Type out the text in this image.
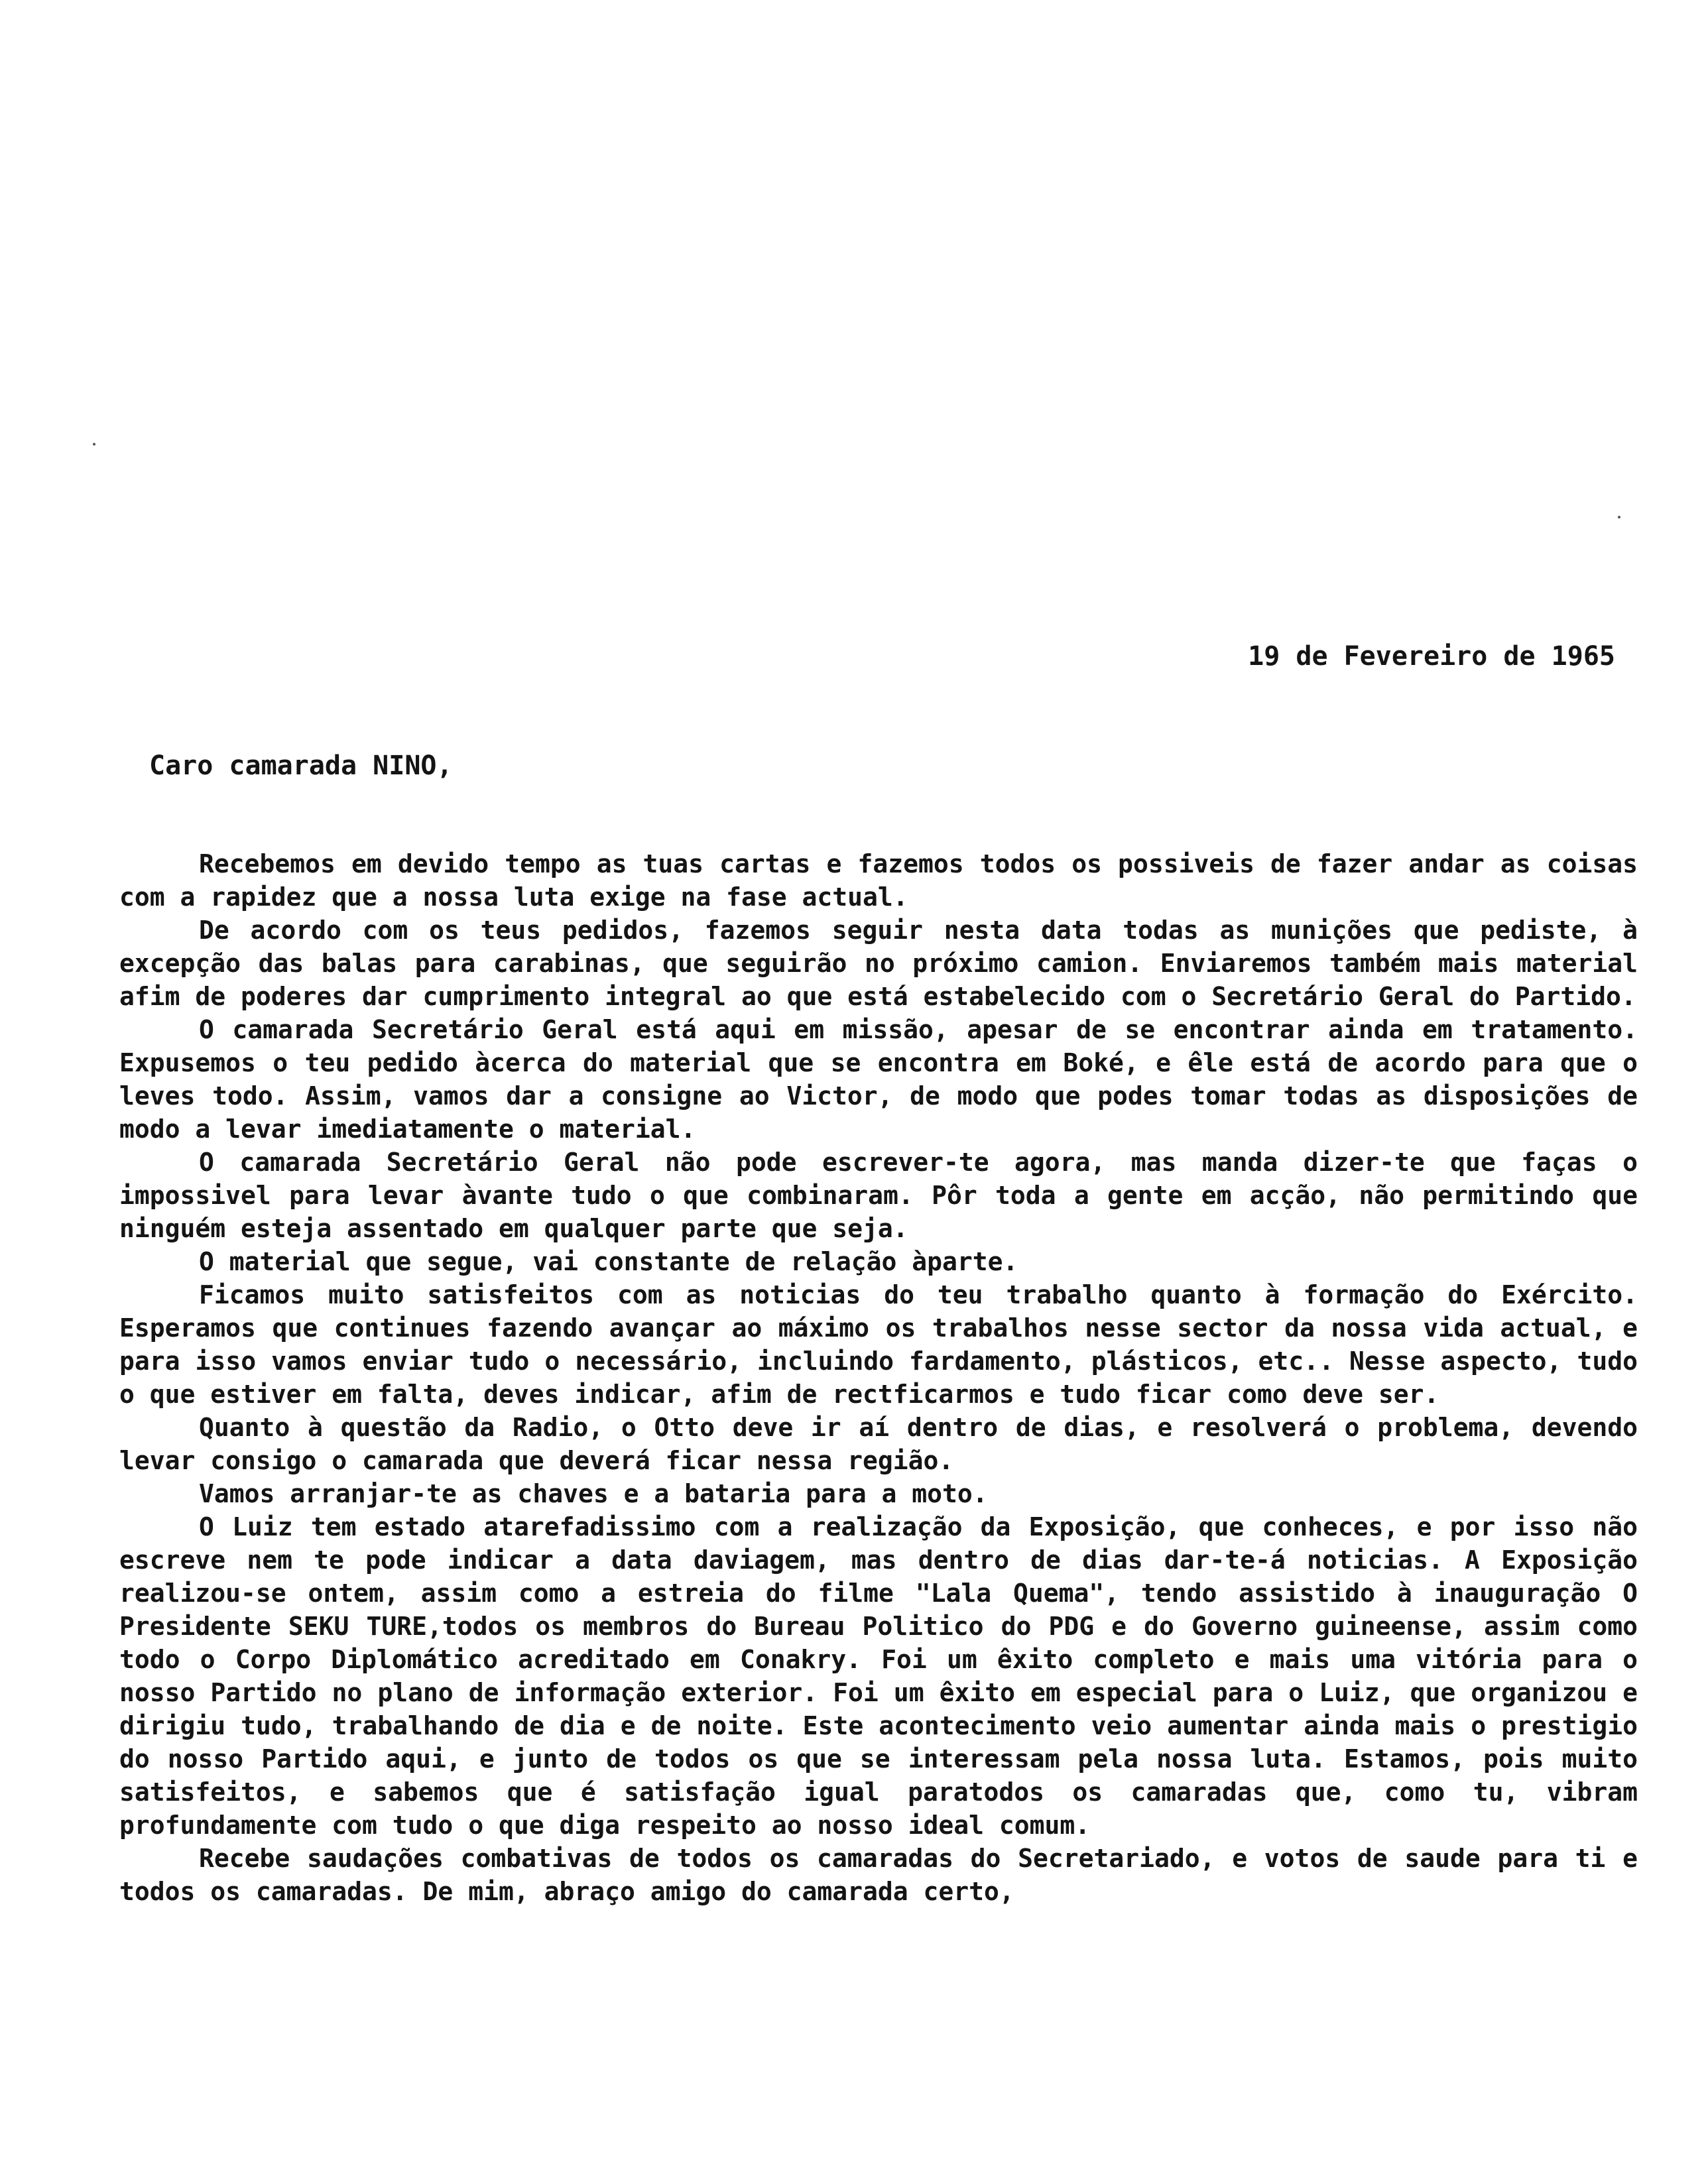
19 de Fevereiro de 1965
Caro camarada NINO,

Recebemos em devido tempo as tuas cartas e fazemos todos os possiveis de fazer andar as coisas com a rapidez que a nossa luta exige na fase actual.

De acordo com os teus pedidos, fazemos seguir nesta data todas as munições que pediste, à excepção das balas para carabinas, que seguirão no próximo camion. Enviaremos também mais material afim de poderes dar cumprimento integral ao que está estabelecido com o Secretário Geral do Partido.

O camarada Secretário Geral está aqui em missão, apesar de se encontrar ainda em tratamento. Expusemos o teu pedido àcerca do material que se encontra em Boké, e êle está de acordo para que o leves todo. Assim, vamos dar a consigne ao Victor, de modo que podes tomar todas as disposições de modo a levar imediatamente o material.

O camarada Secretário Geral não pode escrever-te agora, mas manda dizer-te que faças o impossivel para levar àvante tudo o que combinaram. Pôr toda a gente em acção, não permitindo que ninguém esteja assentado em qualquer parte que seja.

O material que segue, vai constante de relação àparte.

Ficamos muito satisfeitos com as noticias do teu trabalho quanto à formação do Exército. Esperamos que continues fazendo avançar ao máximo os trabalhos nesse sector da nossa vida actual, e para isso vamos enviar tudo o necessário, incluindo fardamento, plásticos, etc.. Nesse aspecto, tudo o que estiver em falta, deves indicar, afim de rectficarmos e tudo ficar como deve ser.

Quanto à questão da Radio, o Otto deve ir aí dentro de dias, e resolverá o problema, devendo levar consigo o camarada que deverá ficar nessa região.

Vamos arranjar-te as chaves e a bataria para a moto.

O Luiz tem estado atarefadissimo com a realização da Exposição, que conheces, e por isso não escreve nem te pode indicar a data daviagem, mas dentro de dias dar-te-á noticias. A Exposição realizou-se ontem, assim como a estreia do filme "Lala Quema", tendo assistido à inauguração O Presidente SEKU TURE,todos os membros do Bureau Politico do PDG e do Governo guineense, assim como todo o Corpo Diplomático acreditado em Conakry. Foi um êxito completo e mais uma vitória para o nosso Partido no plano de informação exterior. Foi um êxito em especial para o Luiz, que organizou e dirigiu tudo, trabalhando de dia e de noite. Este acontecimento veio aumentar ainda mais o prestigio do nosso Partido aqui, e junto de todos os que se interessam pela nossa luta. Estamos, pois muito satisfeitos, e sabemos que é satisfação igual paratodos os camaradas que, como tu, vibram profundamente com tudo o que diga respeito ao nosso ideal comum.

Recebe saudações combativas de todos os camaradas do Secretariado, e votos de saude para ti e todos os camaradas. De mim, abraço amigo do camarada certo,
